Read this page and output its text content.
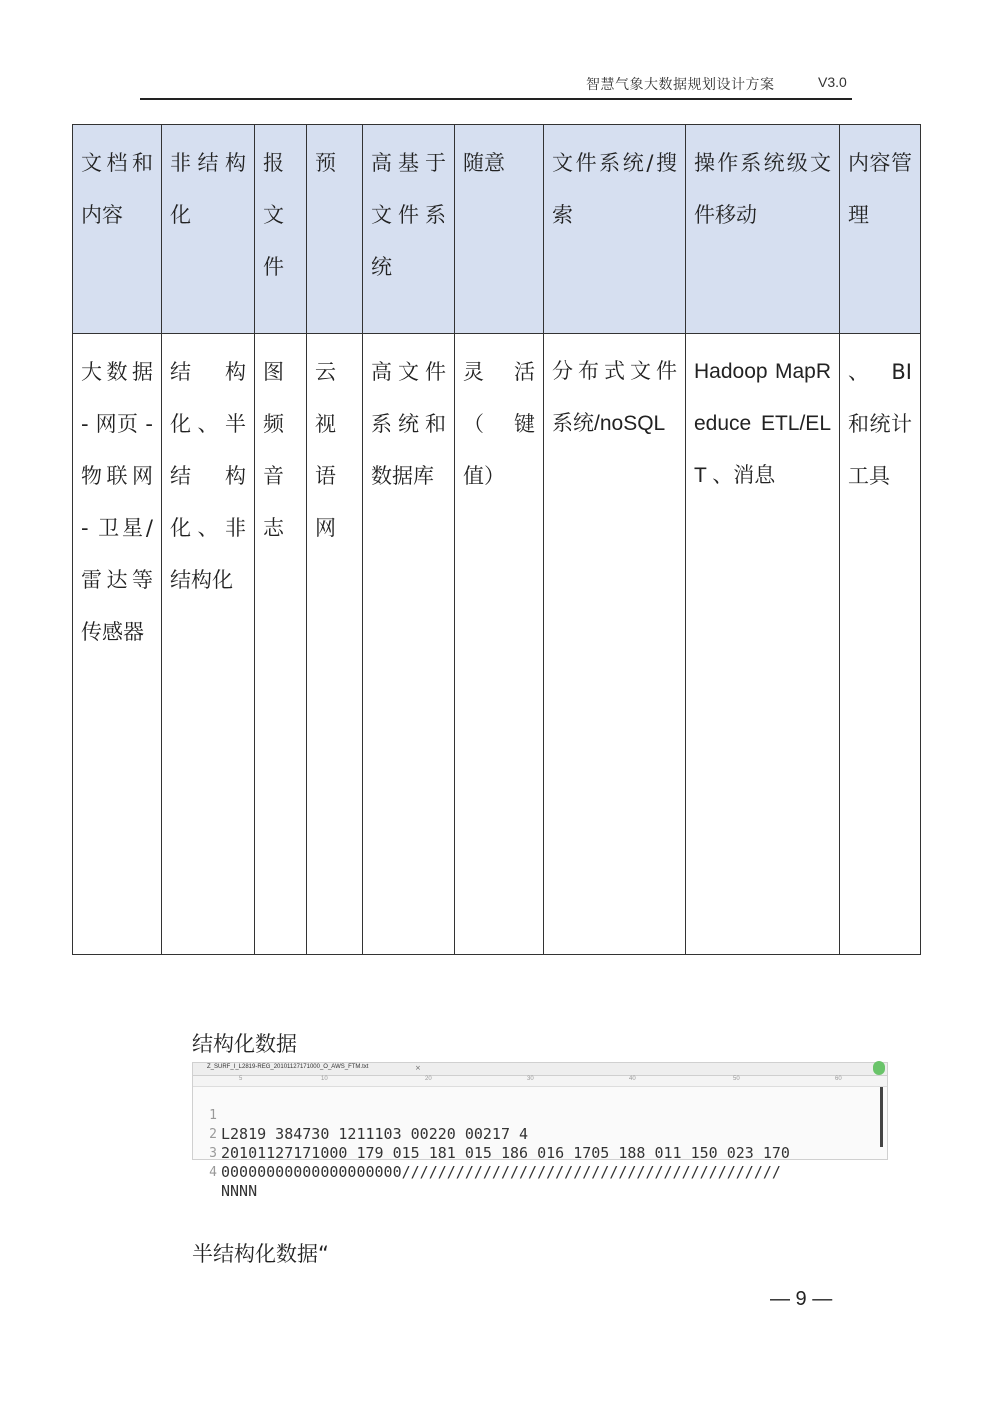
智慧气象大数据规划设计方案	V3.0
文档和内容	非结构化	报文件	预	高基于文件系统	随意	文件系统/搜索	操作系统级文件移动	内容管理
大数据 - 网页 - 物联网 - 卫星/雷达等传感器	结构化、半结构化、非结构化	图 频 音 志	云 视 语 网	高文件系统和数据库	灵活（键值）	分布式文件系统/noSQL	Hadoop MapReduce ETL/ELT 、消息	、 BI 和统计工具
结构化数据
Z_SURF_I_L2819-REG_20101127171000_O_AWS_FTM.txt	×
5	10	20	30	40	50	60

1

L2819 384730 1211103 00220 00217 4

2

20101127171000 179 015 181 015 186 016 1705 188 011 150 023 170

3

00000000000000000000//////////////////////////////////////////

4

NNNN

半结构化数据“
— 9 —
